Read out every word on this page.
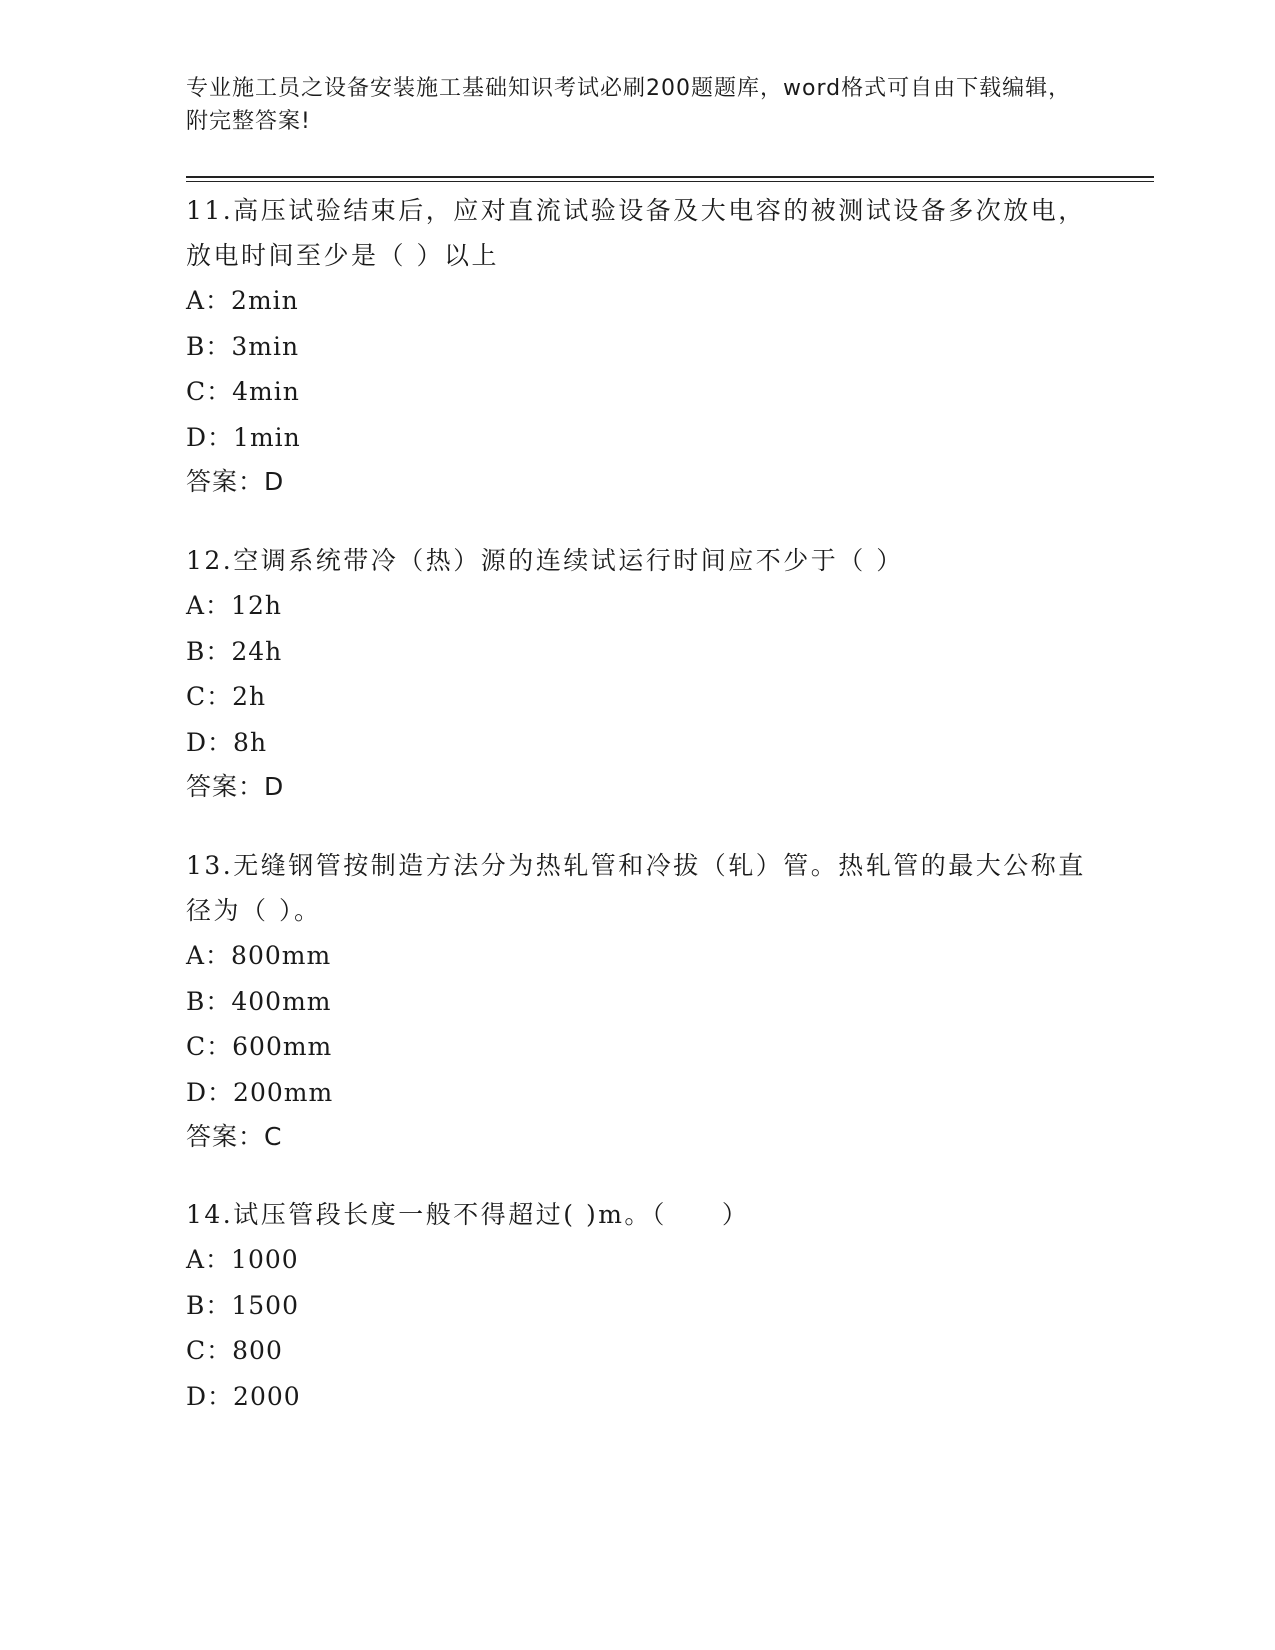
专业施工员之设备安装施工基础知识考试必刷200题题库，word格式可自由下载编辑，附完整答案!

11.高压试验结束后，应对直流试验设备及大电容的被测试设备多次放电，放电时间至少是（ ）以上

A：2min

B：3min

C：4min

D：1min

答案：D

12.空调系统带冷（热）源的连续试运行时间应不少于（ ）

A：12h

B：24h

C：2h

D：8h

答案：D

13.无缝钢管按制造方法分为热轧管和冷拔（轧）管。热轧管的最大公称直径为（ ）。

A：800mm

B：400mm

C：600mm

D：200mm

答案：C

14.试压管段长度一般不得超过( )m。（　　）

A：1000

B：1500

C：800

D：2000
